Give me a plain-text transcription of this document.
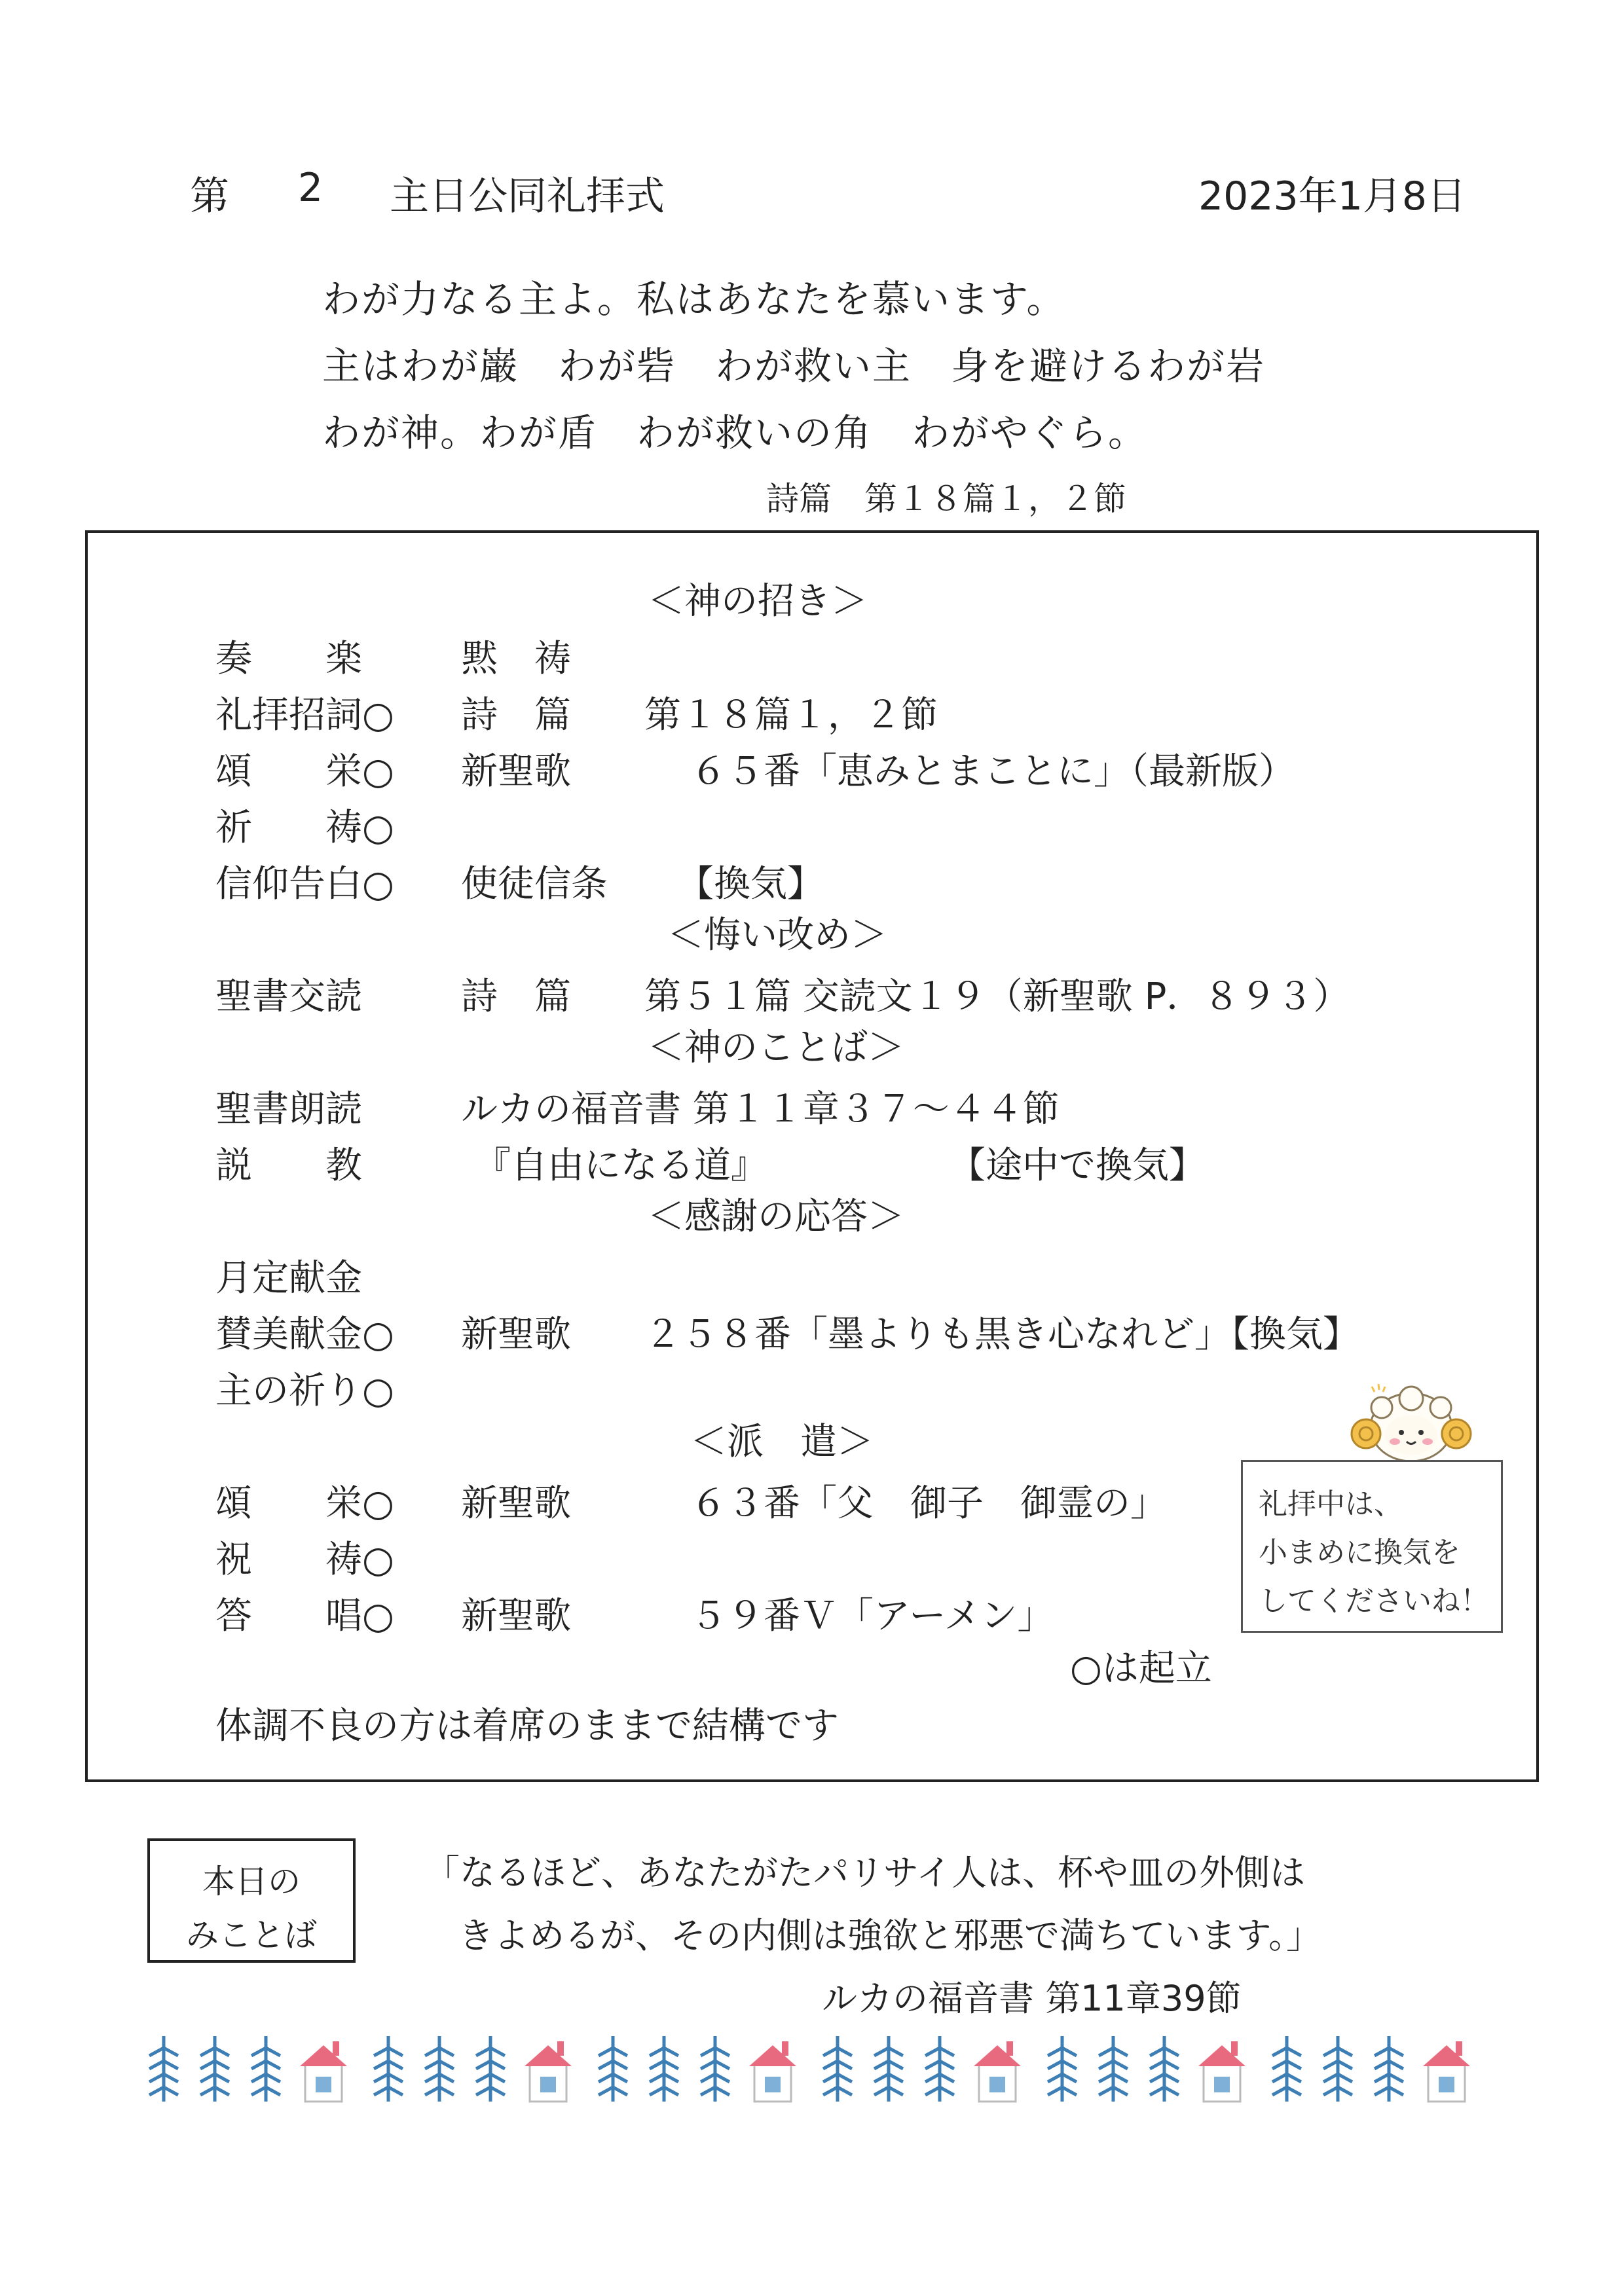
第 2 主日公同礼拝式	2023年1月8日
わが力なる主よ。私はあなたを慕います。
主はわが巌　わが砦　わが救い主　身を避けるわが岩
わが神。わが盾　わが救いの角　わがやぐら。
詩篇　第１８篇１，２節
＜神の招き＞
奏　　楽	黙　祷
礼拝招詞○ 詩　篇 第１８篇１，２節
頌　　栄○ 新聖歌	６５番「恵みとまことに」（最新版）
祈　　祷○
信仰告白○ 使徒信条 【換気】
＜悔い改め＞
聖書交読	詩　篇 第５１篇 交読文１９（新聖歌 P．８９３）
＜神のことば＞
聖書朗読	ルカの福音書 第１１章３７～４４節
説　　教	『自由になる道』	【途中で換気】
＜感謝の応答＞
月定献金
賛美献金○ 新聖歌 ２５８番「墨よりも黒き心なれど」【換気】
主の祈り○
＜派　遣＞
頌　　栄○ 新聖歌	６３番「父　御子　御霊の」
祝　　祷○
答　　唱○ 新聖歌	５９番Ｖ「アーメン」
○は起立
体調不良の方は着席のままで結構です
礼拝中は、
小まめに換気を
してくださいね！
本日の
みことば
「なるほど、あなたがたパリサイ人は、杯や皿の外側は
きよめるが、その内側は強欲と邪悪で満ちています。」
ルカの福音書 第11章39節
